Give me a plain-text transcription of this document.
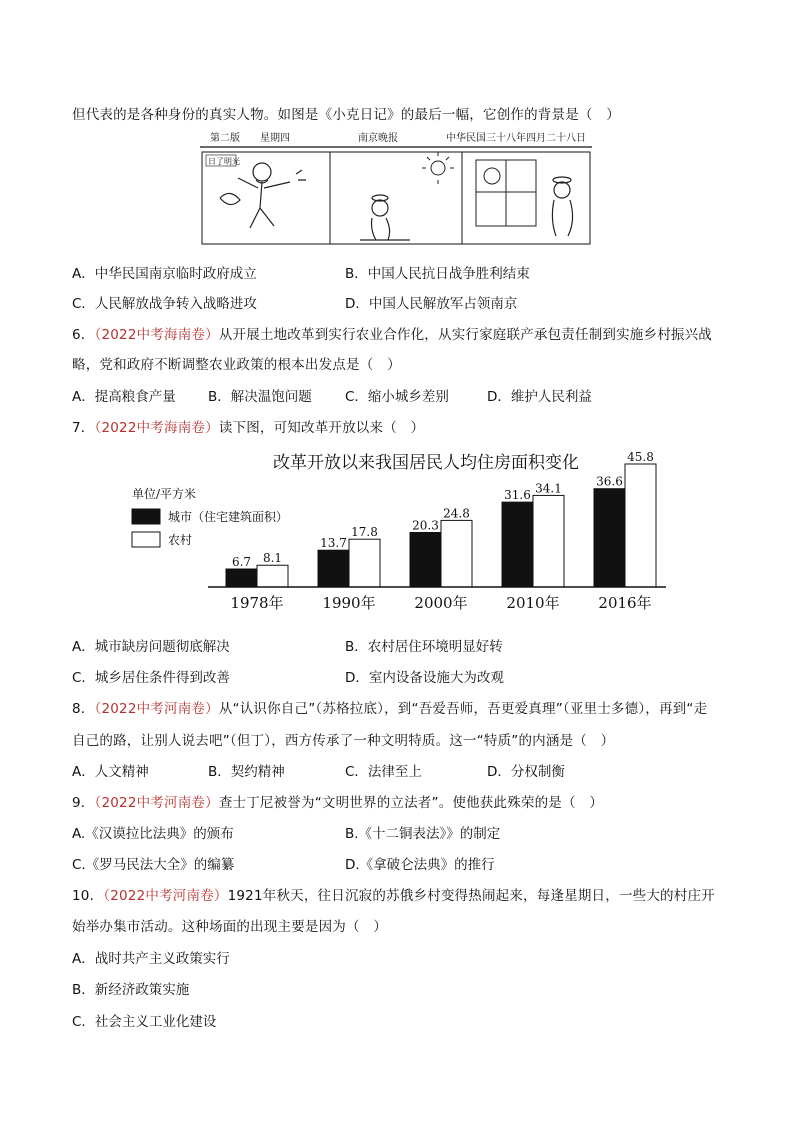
但代表的是各种身份的真实人物。如图是《小克日记》的最后一幅，它创作的背景是（　）
第二版　　星期四	南京晚报	中华民国三十八年四月二十八日
日了明光
A．中华民国南京临时政府成立	B．中国人民抗日战争胜利结束
C．人民解放战争转入战略进攻	D．中国人民解放军占领南京
6．（2022中考海南卷）从开展土地改革到实行农业合作化，从实行家庭联产承包责任制到实施乡村振兴战
略，党和政府不断调整农业政策的根本出发点是（　）
A．提高粮食产量 B．解决温饱问题 C．缩小城乡差别	D．维护人民利益
7．（2022中考海南卷）读下图，可知改革开放以来（　）
改革开放以来我国居民人均住房面积变化
单位/平方米
城市（住宅建筑面积）
农村
6.7 8.1
13.7
17.8	20.3
24.8
31.6 34.1	36.6
45.8
1978年	1990年	2000年	2010年	2016年
A．城市缺房问题彻底解决	B．农村居住环境明显好转
C．城乡居住条件得到改善	D．室内设备设施大为改观
8．（2022中考河南卷）从“认识你自己”（苏格拉底），到“吾爱吾师，吾更爱真理”（亚里士多德），再到“走
自己的路，让别人说去吧”（但丁），西方传承了一种文明特质。这一“特质”的内涵是（　）
A．人文精神	B．契约精神	C．法律至上	D．分权制衡
9．（2022中考河南卷）查士丁尼被誉为“文明世界的立法者”。使他获此殊荣的是（　）
A.《汉谟拉比法典》的颁布	B.《十二铜表法》》的制定
C.《罗马民法大全》的编纂	D.《拿破仑法典》的推行
10．（2022中考河南卷）1921年秋天，往日沉寂的苏俄乡村变得热闹起来，每逢星期日，一些大的村庄开
始举办集市活动。这种场面的出现主要是因为（　）
A．战时共产主义政策实行
B．新经济政策实施
C．社会主义工业化建设
